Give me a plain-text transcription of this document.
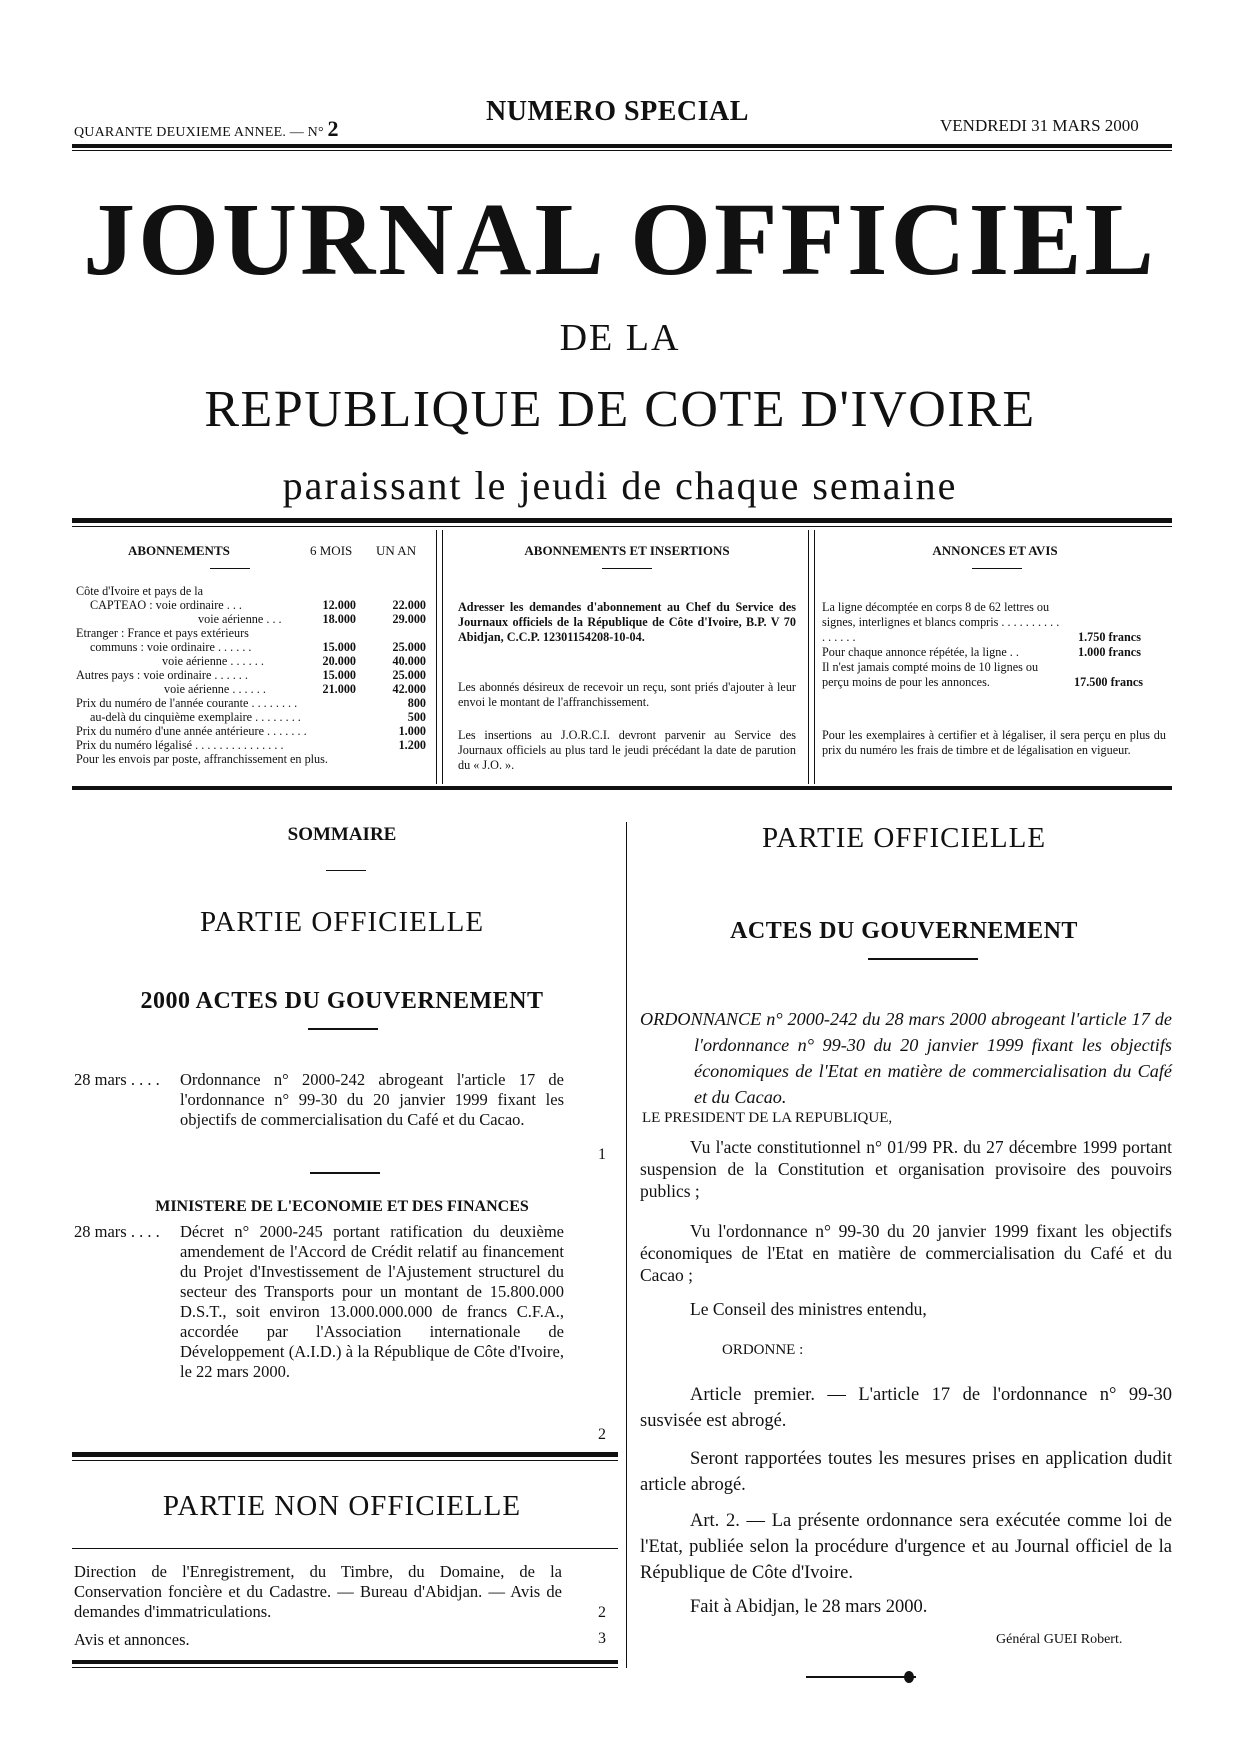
QUARANTE DEUXIEME ANNEE. — N° 2
NUMERO SPECIAL	VENDREDI 31 MARS 2000
JOURNAL OFFICIEL
DE LA
REPUBLIQUE DE COTE D'IVOIRE
paraissant le jeudi de chaque semaine
ABONNEMENTS	6 MOIS UN AN
Côte d'Ivoire et pays de la
CAPTEAO : voie ordinaire . . .	12.000	22.000
voie aérienne . . .	18.000	29.000
Etranger : France et pays extérieurs
communs : voie ordinaire . . . . . .	15.000	25.000
voie aérienne . . . . . .	20.000	40.000
Autres pays : voie ordinaire . . . . . .	15.000	25.000
voie aérienne . . . . . .	21.000	42.000
Prix du numéro de l'année courante . . . . . . . .	800
au-delà du cinquième exemplaire . . . . . . . .	500
Prix du numéro d'une année antérieure . . . . . . .	1.000
Prix du numéro légalisé . . . . . . . . . . . . . . .	1.200
Pour les envois par poste, affranchissement en plus.
ABONNEMENTS ET INSERTIONS
Adresser les demandes d'abonnement au Chef du Service des Journaux officiels de la République de Côte d'Ivoire, B.P. V 70 Abidjan, C.C.P. 12301154208-10-04.
Les abonnés désireux de recevoir un reçu, sont priés d'ajouter à leur envoi le montant de l'affranchissement.
Les insertions au J.O.R.C.I. devront parvenir au Service des Journaux officiels au plus tard le jeudi précédant la date de parution du « J.O. ».
ANNONCES ET AVIS
La ligne décomptée en corps 8 de 62 lettres ou signes, interlignes et blancs compris . . . . . . . . . . . . . . . .	1.750 francs
Pour chaque annonce répétée, la ligne . .	1.000 francs
Il n'est jamais compté moins de 10 lignes ou perçu moins de pour les annonces.	17.500 francs
Pour les exemplaires à certifier et à légaliser, il sera perçu en plus du prix du numéro les frais de timbre et de légalisation en vigueur.
SOMMAIRE
PARTIE OFFICIELLE
2000 ACTES DU GOUVERNEMENT
28 mars . . . . Ordonnance n° 2000-242 abrogeant l'article 17 de l'ordonnance n° 99-30 du 20 janvier 1999 fixant les objectifs de commercialisation du Café et du Cacao.
1
MINISTERE DE L'ECONOMIE ET DES FINANCES
28 mars . . . . Décret n° 2000-245 portant ratification du deuxième amendement de l'Accord de Crédit relatif au financement du Projet d'Investissement de l'Ajustement structurel du secteur des Transports pour un montant de 15.800.000 D.S.T., soit environ 13.000.000.000 de francs C.F.A., accordée par l'Association internationale de Développement (A.I.D.) à la République de Côte d'Ivoire, le 22 mars 2000.
2
PARTIE NON OFFICIELLE
Direction de l'Enregistrement, du Timbre, du Domaine, de la Conservation foncière et du Cadastre. — Bureau d'Abidjan. — Avis de demandes d'immatriculations.	2
Avis et annonces.	3
PARTIE OFFICIELLE
ACTES DU GOUVERNEMENT
ORDONNANCE n° 2000-242 du 28 mars 2000 abrogeant l'article 17 de l'ordonnance n° 99-30 du 20 janvier 1999 fixant les objectifs économiques de l'Etat en matière de commercialisation du Café et du Cacao.
LE PRESIDENT DE LA REPUBLIQUE,
Vu l'acte constitutionnel n° 01/99 PR. du 27 décembre 1999 portant suspension de la Constitution et organisation provisoire des pouvoirs publics ;
Vu l'ordonnance n° 99-30 du 20 janvier 1999 fixant les objectifs économiques de l'Etat en matière de commercialisation du Café et du Cacao ;
Le Conseil des ministres entendu,
ORDONNE :
Article premier. — L'article 17 de l'ordonnance n° 99-30 susvisée est abrogé.
Seront rapportées toutes les mesures prises en application dudit article abrogé.
Art. 2. — La présente ordonnance sera exécutée comme loi de l'Etat, publiée selon la procédure d'urgence et au Journal officiel de la République de Côte d'Ivoire.
Fait à Abidjan, le 28 mars 2000.
Général GUEI Robert.
